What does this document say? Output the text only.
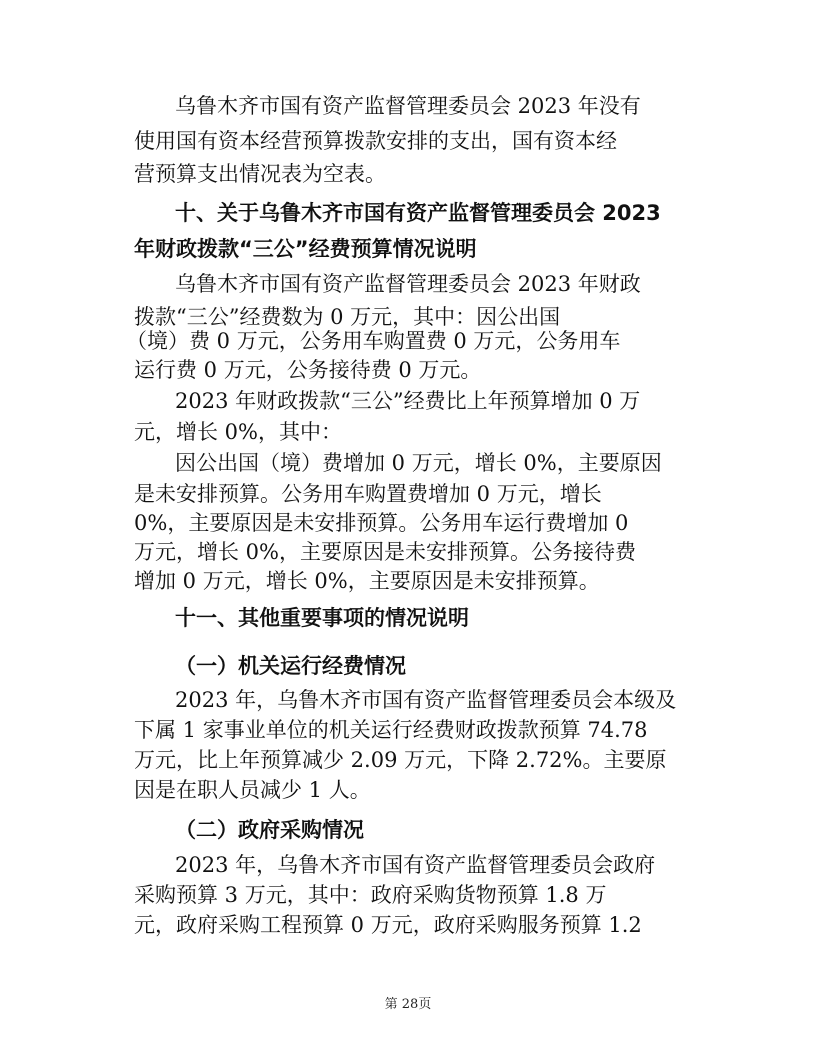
乌鲁木齐市国有资产监督管理委员会 2023 年没有
使用国有资本经营预算拨款安排的支出，国有资本经
营预算支出情况表为空表。
十、关于乌鲁木齐市国有资产监督管理委员会 2023
年财政拨款“三公”经费预算情况说明
乌鲁木齐市国有资产监督管理委员会 2023 年财政
拨款“三公”经费数为 0 万元，其中：因公出国
（境）费 0 万元，公务用车购置费 0 万元，公务用车
运行费 0 万元，公务接待费 0 万元。
2023 年财政拨款“三公”经费比上年预算增加 0 万
元，增长 0%，其中：
因公出国（境）费增加 0 万元，增长 0%，主要原因
是未安排预算。公务用车购置费增加 0 万元，增长
0%，主要原因是未安排预算。公务用车运行费增加 0
万元，增长 0%，主要原因是未安排预算。公务接待费
增加 0 万元，增长 0%，主要原因是未安排预算。
十一、其他重要事项的情况说明
（一）机关运行经费情况
2023 年，乌鲁木齐市国有资产监督管理委员会本级及
下属 1 家事业单位的机关运行经费财政拨款预算 74.78
万元，比上年预算减少 2.09 万元，下降 2.72%。主要原
因是在职人员减少 1 人。
（二）政府采购情况
2023 年，乌鲁木齐市国有资产监督管理委员会政府
采购预算 3 万元，其中：政府采购货物预算 1.8 万
元，政府采购工程预算 0 万元，政府采购服务预算 1.2
第 28页
